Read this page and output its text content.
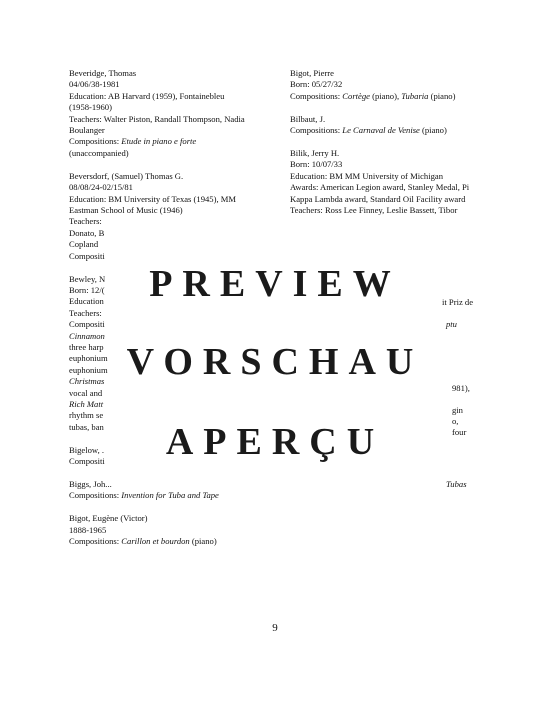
Beveridge, Thomas
04/06/38-1981
Education: AB Harvard (1959), Fontainebleu
(1958-1960)
Teachers: Walter Piston, Randall Thompson, Nadia
Boulanger
Compositions: Etude in piano e forte
(unaccompanied)
Beversdorf, (Samuel) Thomas G.
08/08/24-02/15/81
Education: BM University of Texas (1945), MM
Eastman School of Music (1946)
Teachers:
Donato, B
Copland
Compositi
Bewley, N
Born: 12/(
Education
Teachers:
Compositi
Cinnamon
three harp
euphonium
euphonium
Christmas
vocal and
Rich Matt
rhythm se
tubas, ban
Bigelow, .
Compositi
Biggs, Joh...
Compositions: Invention for Tuba and Tape
Bigot, Eugène (Victor)
1888-1965
Compositions: Carillon et bourdon (piano)
Bigot, Pierre
Born: 05/27/32
Compositions: Cortège (piano), Tubaria (piano)
Bilbaut, J.
Compositions: Le Carnaval de Venise (piano)
Bilik, Jerry H.
Born: 10/07/33
Education: BM MM University of Michigan
Awards: American Legion award, Stanley Medal, Pi
Kappa Lambda award, Standard Oil Facility award
Teachers: Ross Lee Finney, Leslie Bassett, Tibor
it Priz de
ptu
981),
gin
o,
four
Tubas
PREVIEW
VORSCHAU
APERÇU
9
